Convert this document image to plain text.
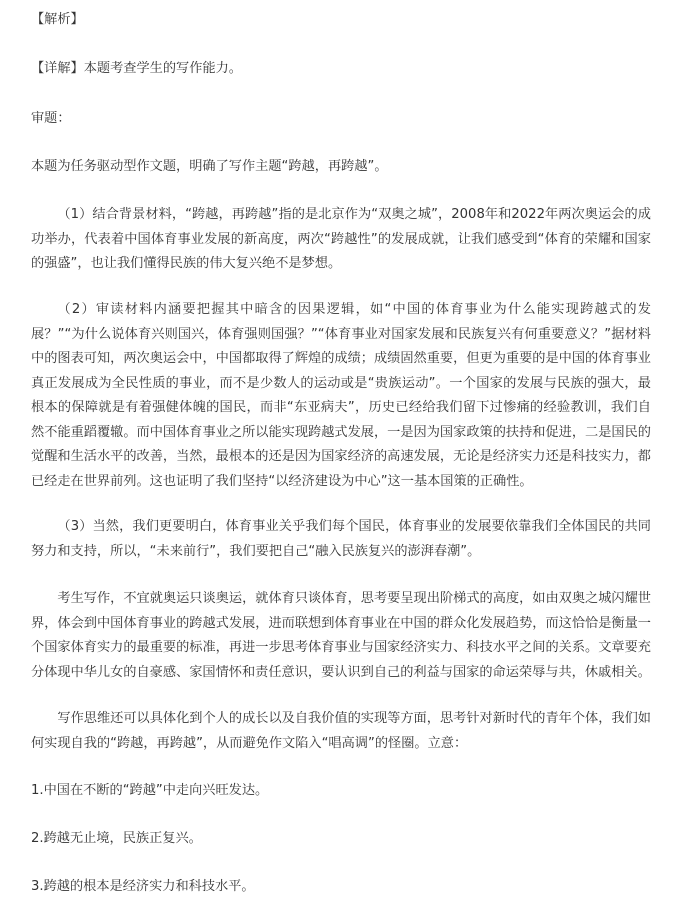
【解析】

【详解】本题考查学生的写作能力。

审题：

本题为任务驱动型作文题，明确了写作主题“跨越，再跨越”。

（1）结合背景材料，“跨越，再跨越”指的是北京作为“双奥之城”，2008年和2022年两次奥运会的成功举办，代表着中国体育事业发展的新高度，两次“跨越性”的发展成就，让我们感受到“体育的荣耀和国家的强盛”，也让我们懂得民族的伟大复兴绝不是梦想。

（2）审读材料内涵要把握其中暗含的因果逻辑，如“中国的体育事业为什么能实现跨越式的发展？”“为什么说体育兴则国兴，体育强则国强？”“体育事业对国家发展和民族复兴有何重要意义？”据材料中的图表可知，两次奥运会中，中国都取得了辉煌的成绩；成绩固然重要，但更为重要的是中国的体育事业真正发展成为全民性质的事业，而不是少数人的运动或是“贵族运动”。一个国家的发展与民族的强大，最根本的保障就是有着强健体魄的国民，而非“东亚病夫”，历史已经给我们留下过惨痛的经验教训，我们自然不能重蹈覆辙。而中国体育事业之所以能实现跨越式发展，一是因为国家政策的扶持和促进，二是国民的觉醒和生活水平的改善，当然，最根本的还是因为国家经济的高速发展，无论是经济实力还是科技实力，都已经走在世界前列。这也证明了我们坚持“以经济建设为中心”这一基本国策的正确性。

（3）当然，我们更要明白，体育事业关乎我们每个国民，体育事业的发展要依靠我们全体国民的共同努力和支持，所以，“未来前行”，我们要把自己“融入民族复兴的澎湃春潮”。

考生写作，不宜就奥运只谈奥运，就体育只谈体育，思考要呈现出阶梯式的高度，如由双奥之城闪耀世界，体会到中国体育事业的跨越式发展，进而联想到体育事业在中国的群众化发展趋势，而这恰恰是衡量一个国家体育实力的最重要的标准，再进一步思考体育事业与国家经济实力、科技水平之间的关系。文章要充分体现中华儿女的自豪感、家国情怀和责任意识，要认识到自己的利益与国家的命运荣辱与共，休戚相关。

写作思维还可以具体化到个人的成长以及自我价值的实现等方面，思考针对新时代的青年个体，我们如何实现自我的“跨越，再跨越”，从而避免作文陷入“唱高调”的怪圈。立意：

1.中国在不断的“跨越”中走向兴旺发达。

2.跨越无止境，民族正复兴。

3.跨越的根本是经济实力和科技水平。
